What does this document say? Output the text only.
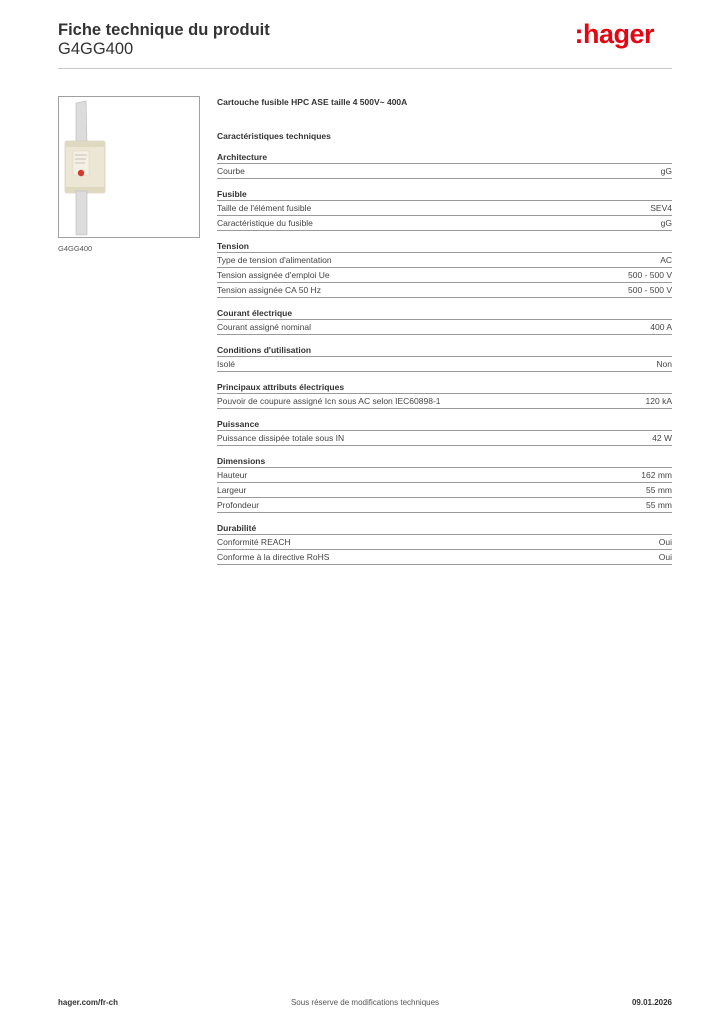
Fiche technique du produit
G4GG400	:hager
G4GG400
Cartouche fusible HPC ASE taille 4 500V~ 400A
Caractéristiques techniques
Architecture
Courbe	gG
Fusible
Taille de l'élément fusible	SEV4
Caractéristique du fusible	gG
Tension
Type de tension d'alimentation	AC
Tension assignée d'emploi Ue	500 - 500 V
Tension assignée CA 50 Hz	500 - 500 V
Courant électrique
Courant assigné nominal	400 A
Conditions d'utilisation
Isolé	Non
Principaux attributs électriques
Pouvoir de coupure assigné Icn sous AC selon IEC60898-1	120 kA
Puissance
Puissance dissipée totale sous IN	42 W
Dimensions
Hauteur	162 mm
Largeur	55 mm
Profondeur	55 mm
Durabilité
Conformité REACH	Oui
Conforme à la directive RoHS	Oui
hager.com/fr-ch	Sous réserve de modifications techniques	09.01.2026
